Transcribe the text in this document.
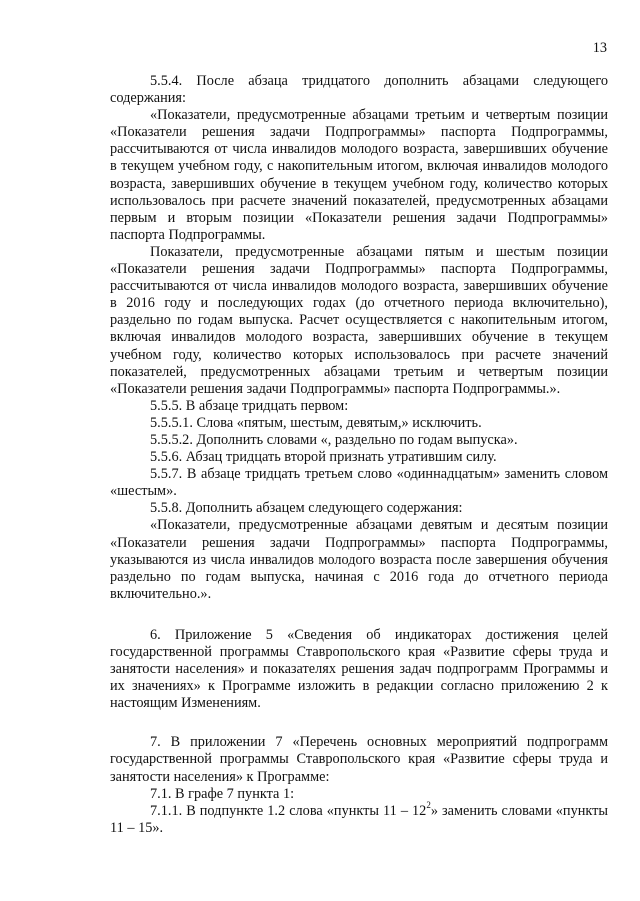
13

5.5.4. После абзаца тридцатого дополнить абзацами следующего содержания:

«Показатели, предусмотренные абзацами третьим и четвертым позиции «Показатели решения задачи Подпрограммы» паспорта Подпрограммы, рассчитываются от числа инвалидов молодого возраста, завершивших обучение в текущем учебном году, с накопительным итогом, включая инвалидов молодого возраста, завершивших обучение в текущем учебном году, количество которых использовалось при расчете значений показателей, предусмотренных абзацами первым и вторым позиции «Показатели решения задачи Подпрограммы» паспорта Подпрограммы.

Показатели, предусмотренные абзацами пятым и шестым позиции «Показатели решения задачи Подпрограммы» паспорта Подпрограммы, рассчитываются от числа инвалидов молодого возраста, завершивших обучение в 2016 году и последующих годах (до отчетного периода включительно), раздельно по годам выпуска. Расчет осуществляется с накопительным итогом, включая инвалидов молодого возраста, завершивших обучение в текущем учебном году, количество которых использовалось при расчете значений показателей, предусмотренных абзацами третьим и четвертым позиции «Показатели решения задачи Подпрограммы» паспорта Подпрограммы.».

5.5.5. В абзаце тридцать первом:

5.5.5.1. Слова «пятым, шестым, девятым,» исключить.

5.5.5.2. Дополнить словами «, раздельно по годам выпуска».

5.5.6. Абзац тридцать второй признать утратившим силу.

5.5.7. В абзаце тридцать третьем слово «одиннадцатым» заменить словом «шестым».

5.5.8. Дополнить абзацем следующего содержания:

«Показатели, предусмотренные абзацами девятым и десятым позиции «Показатели решения задачи Подпрограммы» паспорта Подпрограммы, указываются из числа инвалидов молодого возраста после завершения обучения раздельно по годам выпуска, начиная с 2016 года до отчетного периода включительно.».

6. Приложение 5 «Сведения об индикаторах достижения целей государственной программы Ставропольского края «Развитие сферы труда и занятости населения» и показателях решения задач подпрограмм Программы и их значениях» к Программе изложить в редакции согласно приложению 2 к настоящим Изменениям.

7. В приложении 7 «Перечень основных мероприятий подпрограмм государственной программы Ставропольского края «Развитие сферы труда и занятости населения» к Программе:

7.1. В графе 7 пункта 1:

7.1.1. В подпункте 1.2 слова «пункты $11 - 12^2$» заменить словами «пункты 11 – 15».
